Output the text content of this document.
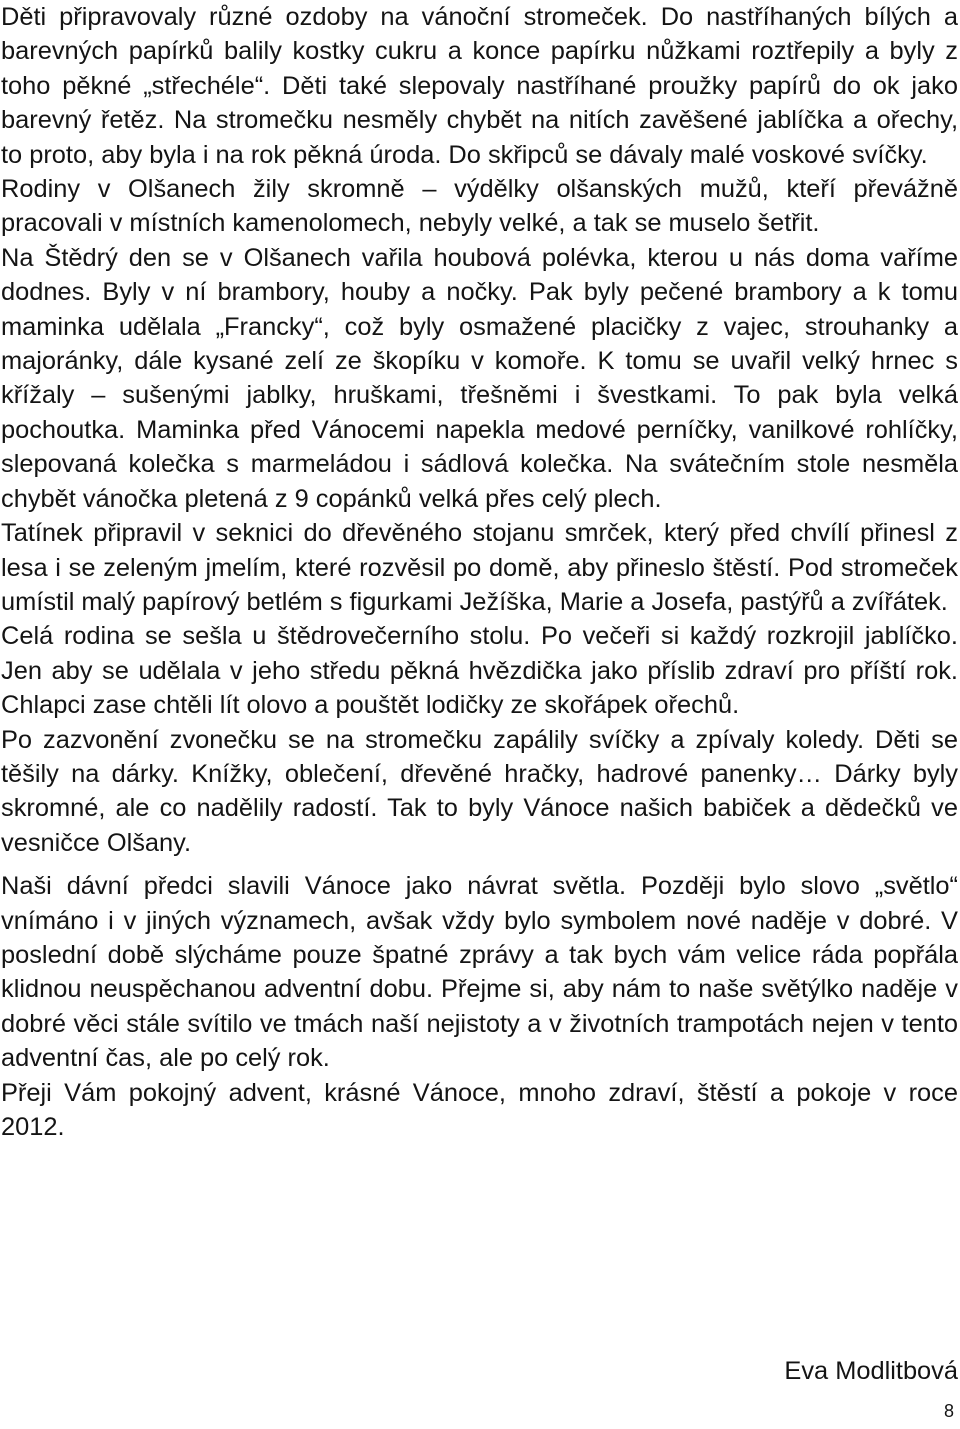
Děti připravovaly různé ozdoby na vánoční stromeček. Do nastříhaných bílých a barevných papírků balily kostky cukru a konce papírku nůžkami roztřepily a byly z toho pěkné „střechéle“. Děti také slepovaly nastříhané proužky papírů do ok jako barevný řetěz. Na stromečku nesměly chybět na nitích zavěšené jablíčka a ořechy, to proto, aby byla i na rok pěkná úroda. Do skřipců se dávaly malé voskové svíčky.

Rodiny v Olšanech žily skromně – výdělky olšanských mužů, kteří převážně pracovali v místních kamenolomech, nebyly velké, a tak se muselo šetřit.

Na Štědrý den se v Olšanech vařila houbová polévka, kterou u nás doma vaříme dodnes. Byly v ní brambory, houby a nočky. Pak byly pečené brambory a k tomu maminka udělala „Francky“, což byly osmažené placičky z vajec, strouhanky a majoránky, dále kysané zelí ze škopíku v komoře. K tomu se uvařil velký hrnec s křížaly – sušenými jablky, hruškami, třešněmi i švestkami. To pak byla velká pochoutka. Maminka před Vánocemi napekla medové perníčky, vanilkové rohlíčky, slepovaná kolečka s marmeládou i sádlová kolečka. Na svátečním stole nesměla chybět vánočka pletená z 9 copánků velká přes celý plech.

Tatínek připravil v seknici do dřevěného stojanu smrček, který před chvílí přinesl z lesa i se zeleným jmelím, které rozvěsil po domě, aby přineslo štěstí. Pod stromeček umístil malý papírový betlém s figurkami Ježíška, Marie a Josefa, pastýřů a zvířátek.

Celá rodina se sešla u štědrovečerního stolu. Po večeři si každý rozkrojil jablíčko. Jen aby se udělala v jeho středu pěkná hvězdička jako příslib zdraví pro příští rok. Chlapci zase chtěli lít olovo a pouštět lodičky ze skořápek ořechů.

Po zazvonění zvonečku se na stromečku zapálily svíčky a zpívaly koledy. Děti se těšily na dárky. Knížky, oblečení, dřevěné hračky, hadrové panenky… Dárky byly skromné, ale co nadělily radostí. Tak to byly Vánoce našich babiček a dědečků ve vesničce Olšany.

Naši dávní předci slavili Vánoce jako návrat světla. Později bylo slovo „světlo“ vnímáno i v jiných významech, avšak vždy bylo symbolem nové naděje v dobré. V poslední době slýcháme pouze špatné zprávy a tak bych vám velice ráda popřála klidnou neuspěchanou adventní dobu. Přejme si, aby nám to naše světýlko naděje v dobré věci stále svítilo ve tmách naší nejistoty a v životních trampotách nejen v tento adventní čas, ale po celý rok.

Přeji Vám pokojný advent, krásné Vánoce, mnoho zdraví, štěstí a pokoje v roce 2012.

Eva Modlitbová
8
